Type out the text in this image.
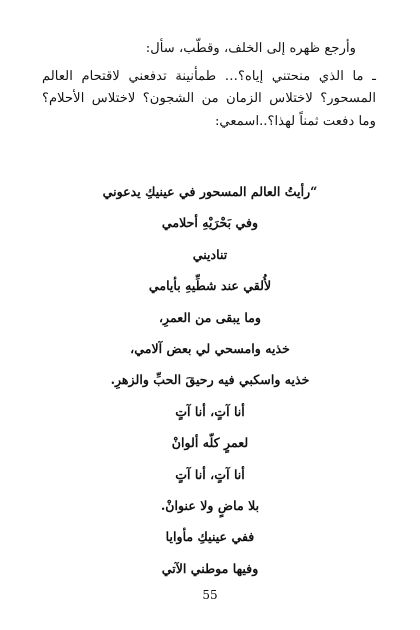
وأرجع ظهره إلى الخلف، وقطّب، سأل:

ـ ما الذي منحتني إياه؟… طمأنينة تدفعني لاقتحام العالم المسحور؟ لاختلاس الزمان من الشجون؟ لاختلاس الأحلام؟ وما دفعت ثمناً لهذا؟..اسمعي:

“رأيتُ العالم المسحور في عينيكِ يدعوني
وفي بَحْرَيْهِ أحلامي
تناديني
لأُلقي عند شطِّيهِ بأيامي
وما يبقى من العمرِ،
خذيه وامسحي لي بعض آلامي،
خذيه واسكبي فيه رحيقَ الحبِّ والزهرِ.
أنا آتٍ، أنا آتٍ
لعمرٍ كلّه ألوانْ
أنا آتٍ، أنا آتٍ
بلا ماضٍ ولا عنوانْ.
ففي عينيكِ مأوايا
وفيها موطني الآتي
55
